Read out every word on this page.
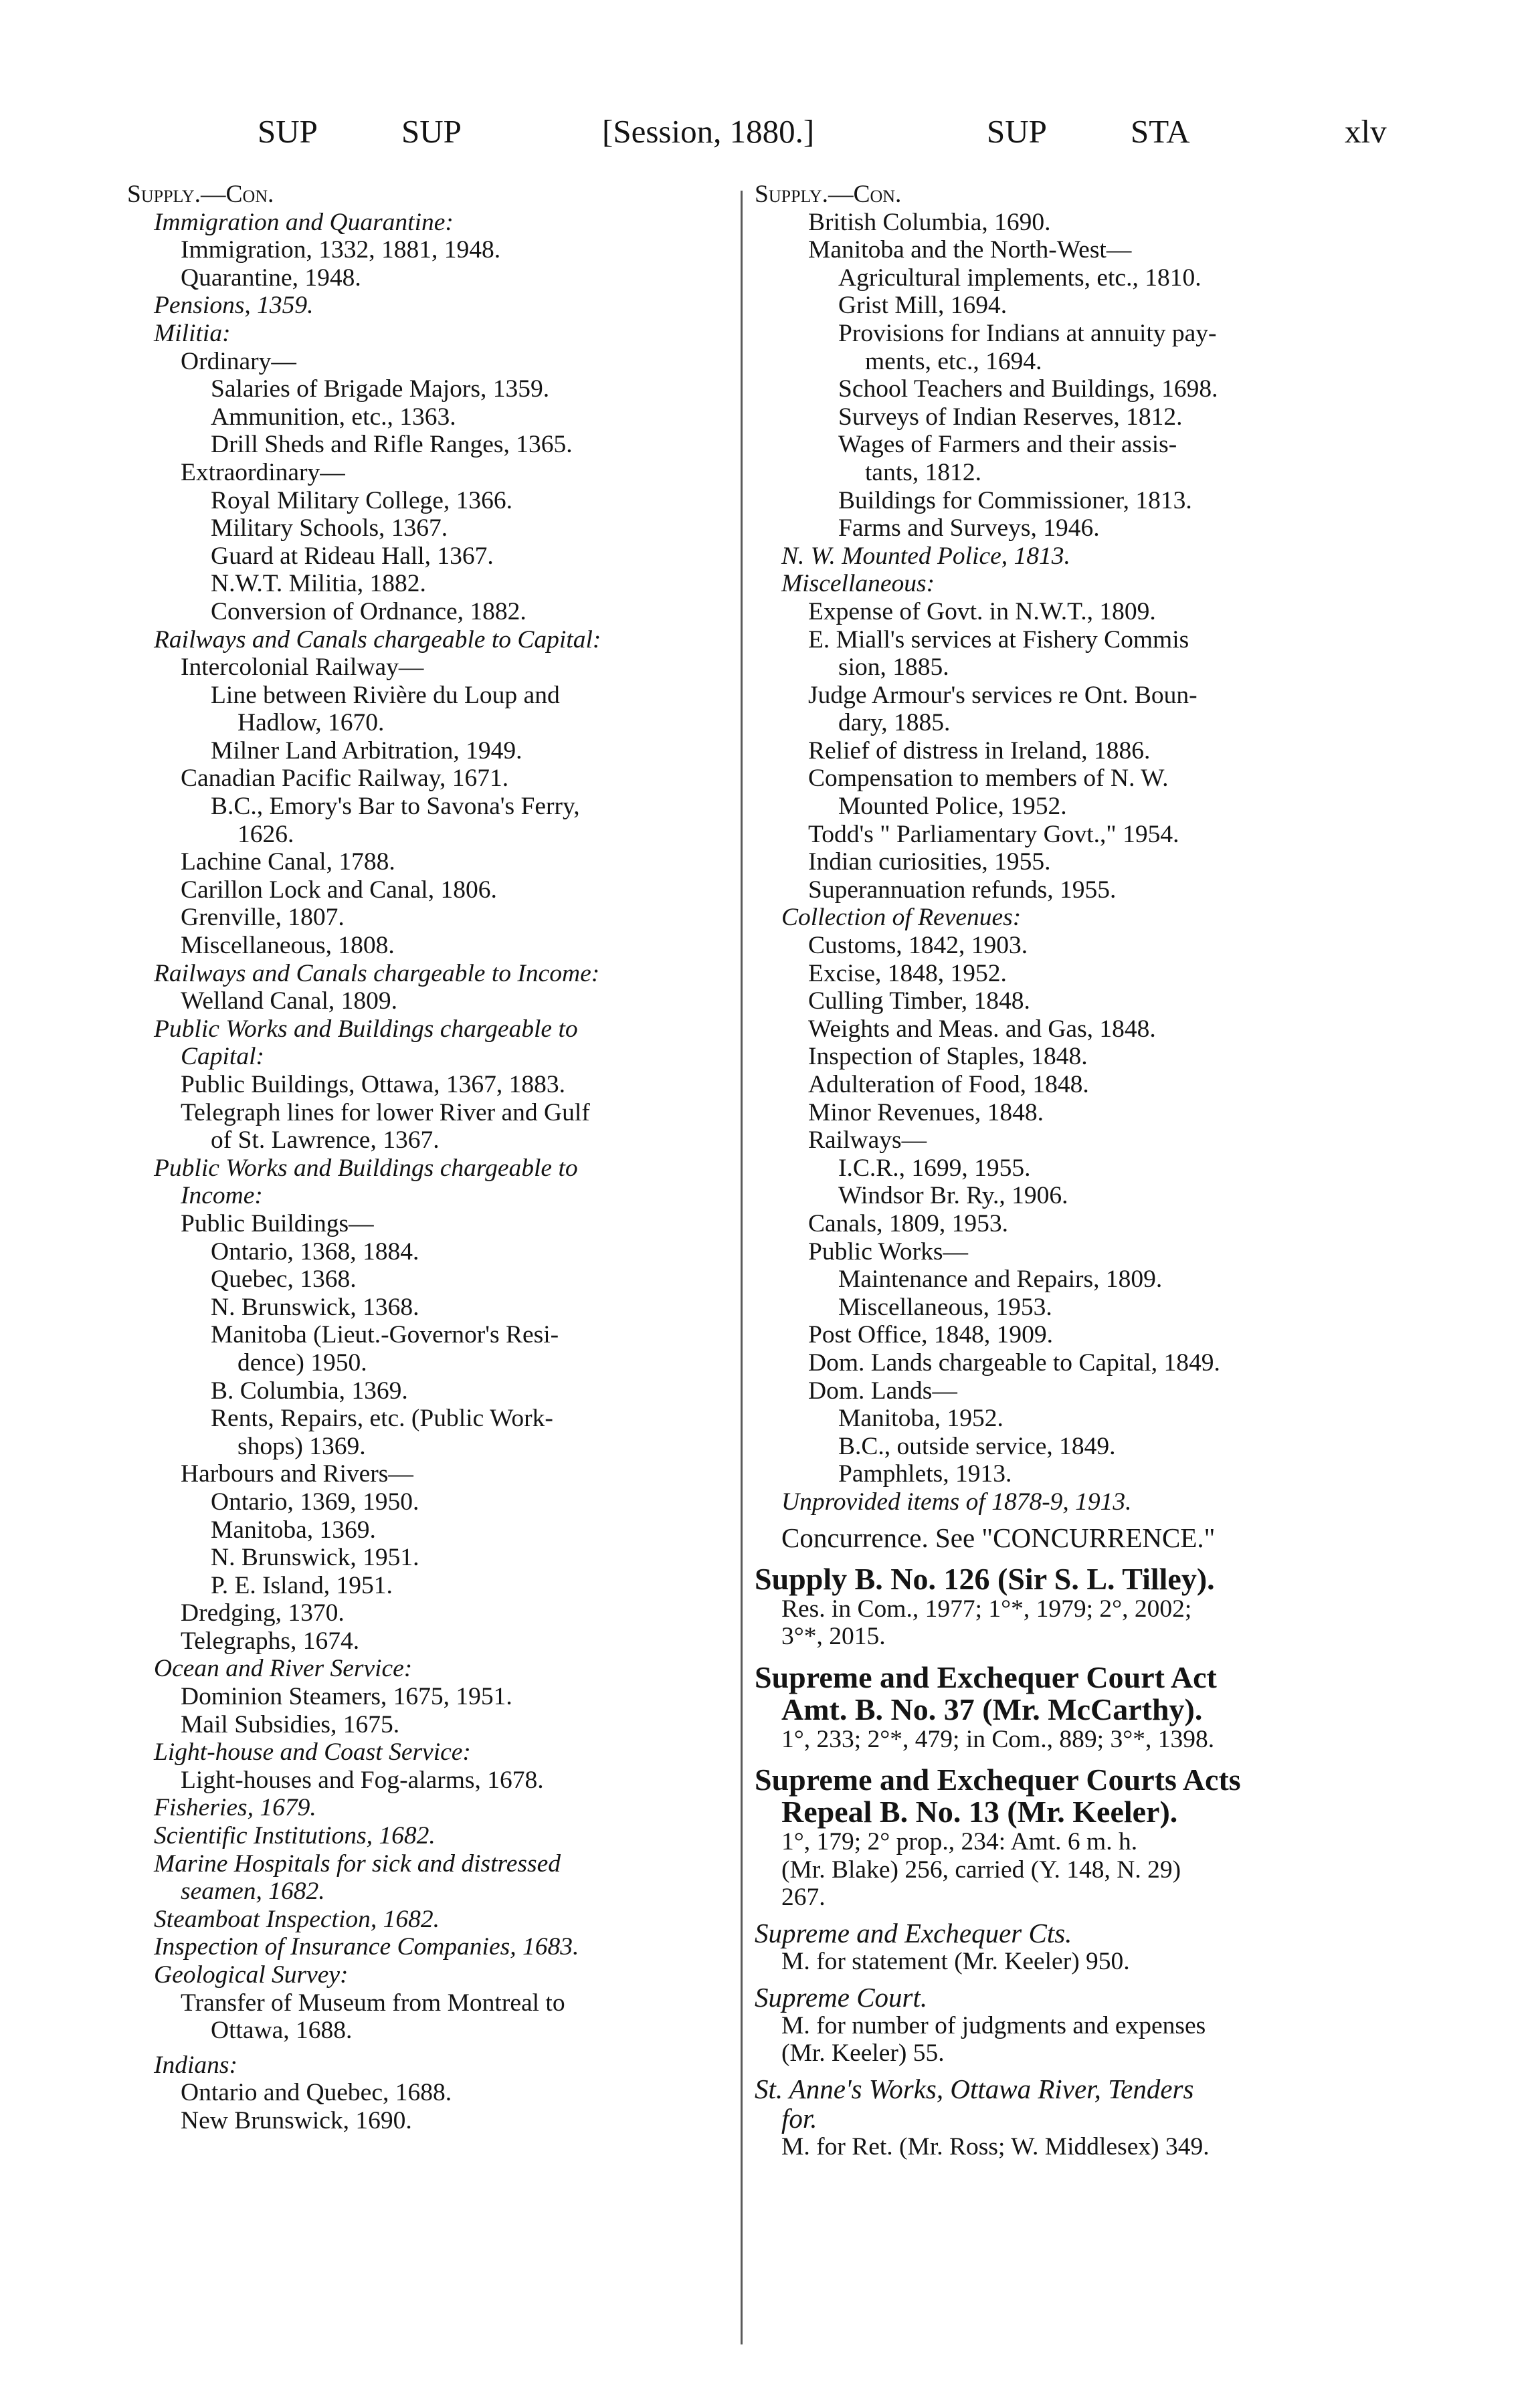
SUP	SUP	[Session, 1880.]	SUP	STA	xlv
Supply.—Con.
Immigration and Quarantine:
Immigration, 1332, 1881, 1948.
Quarantine, 1948.
Pensions, 1359.
Militia:
Ordinary—
Salaries of Brigade Majors, 1359.
Ammunition, etc., 1363.
Drill Sheds and Rifle Ranges, 1365.
Extraordinary—
Royal Military College, 1366.
Military Schools, 1367.
Guard at Rideau Hall, 1367.
N.W.T. Militia, 1882.
Conversion of Ordnance, 1882.
Railways and Canals chargeable to Capital:
Intercolonial Railway—
Line between Rivière du Loup and
Hadlow, 1670.
Milner Land Arbitration, 1949.
Canadian Pacific Railway, 1671.
B.C., Emory's Bar to Savona's Ferry,
1626.
Lachine Canal, 1788.
Carillon Lock and Canal, 1806.
Grenville, 1807.
Miscellaneous, 1808.
Railways and Canals chargeable to Income:
Welland Canal, 1809.
Public Works and Buildings chargeable to
Capital:
Public Buildings, Ottawa, 1367, 1883.
Telegraph lines for lower River and Gulf
of St. Lawrence, 1367.
Public Works and Buildings chargeable to
Income:
Public Buildings—
Ontario, 1368, 1884.
Quebec, 1368.
N. Brunswick, 1368.
Manitoba (Lieut.-Governor's Resi-
dence) 1950.
B. Columbia, 1369.
Rents, Repairs, etc. (Public Work-
shops) 1369.
Harbours and Rivers—
Ontario, 1369, 1950.
Manitoba, 1369.
N. Brunswick, 1951.
P. E. Island, 1951.
Dredging, 1370.
Telegraphs, 1674.
Ocean and River Service:
Dominion Steamers, 1675, 1951.
Mail Subsidies, 1675.
Light-house and Coast Service:
Light-houses and Fog-alarms, 1678.
Fisheries, 1679.
Scientific Institutions, 1682.
Marine Hospitals for sick and distressed
seamen, 1682.
Steamboat Inspection, 1682.
Inspection of Insurance Companies, 1683.
Geological Survey:
Transfer of Museum from Montreal to
Ottawa, 1688.
Indians:
Ontario and Quebec, 1688.
New Brunswick, 1690.
Supply.—Con.
British Columbia, 1690.
Manitoba and the North-West—
Agricultural implements, etc., 1810.
Grist Mill, 1694.
Provisions for Indians at annuity pay-
ments, etc., 1694.
School Teachers and Buildings, 1698.
Surveys of Indian Reserves, 1812.
Wages of Farmers and their assis-
tants, 1812.
Buildings for Commissioner, 1813.
Farms and Surveys, 1946.
N. W. Mounted Police, 1813.
Miscellaneous:
Expense of Govt. in N.W.T., 1809.
E. Miall's services at Fishery Commis
sion, 1885.
Judge Armour's services re Ont. Boun-
dary, 1885.
Relief of distress in Ireland, 1886.
Compensation to members of N. W.
Mounted Police, 1952.
Todd's " Parliamentary Govt.," 1954.
Indian curiosities, 1955.
Superannuation refunds, 1955.
Collection of Revenues:
Customs, 1842, 1903.
Excise, 1848, 1952.
Culling Timber, 1848.
Weights and Meas. and Gas, 1848.
Inspection of Staples, 1848.
Adulteration of Food, 1848.
Minor Revenues, 1848.
Railways—
I.C.R., 1699, 1955.
Windsor Br. Ry., 1906.
Canals, 1809, 1953.
Public Works—
Maintenance and Repairs, 1809.
Miscellaneous, 1953.
Post Office, 1848, 1909.
Dom. Lands chargeable to Capital, 1849.
Dom. Lands—
Manitoba, 1952.
B.C., outside service, 1849.
Pamphlets, 1913.
Unprovided items of 1878-9, 1913.
Concurrence. See "CONCURRENCE."
Supply B. No. 126 (Sir S. L. Tilley).
Res. in Com., 1977; 1°*, 1979; 2°, 2002;
3°*, 2015.
Supreme and Exchequer Court Act
Amt. B. No. 37 (Mr. McCarthy).
1°, 233; 2°*, 479; in Com., 889; 3°*, 1398.
Supreme and Exchequer Courts Acts
Repeal B. No. 13 (Mr. Keeler).
1°, 179; 2° prop., 234: Amt. 6 m. h.
(Mr. Blake) 256, carried (Y. 148, N. 29)
267.
Supreme and Exchequer Cts.
M. for statement (Mr. Keeler) 950.
Supreme Court.
M. for number of judgments and expenses
(Mr. Keeler) 55.
St. Anne's Works, Ottawa River, Tenders
for.
M. for Ret. (Mr. Ross; W. Middlesex) 349.
